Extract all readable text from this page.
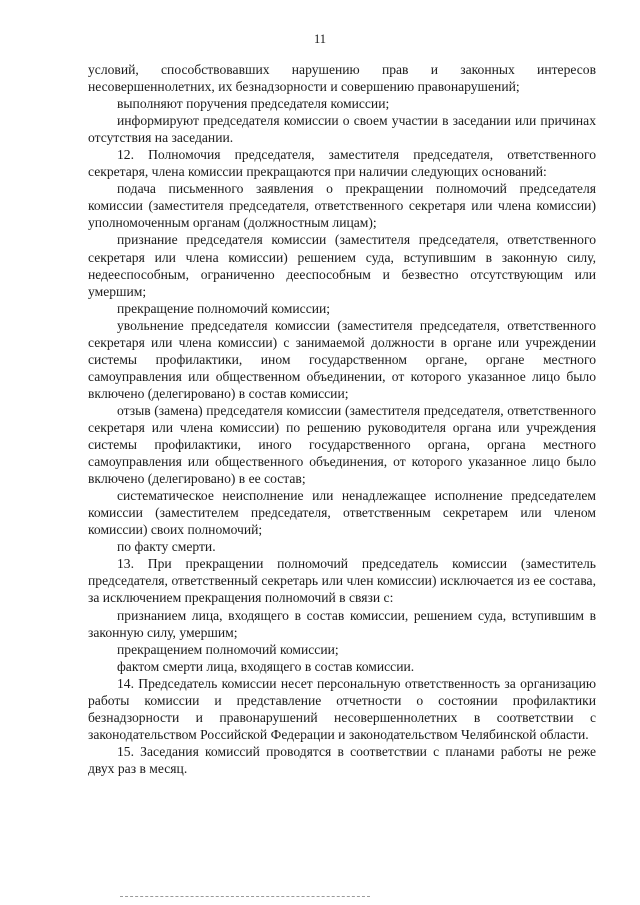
11

условий, способствовавших нарушению прав и законных интересов несовершеннолетних, их безнадзорности и совершению правонарушений;

выполняют поручения председателя комиссии;

информируют председателя комиссии о своем участии в заседании или причинах отсутствия на заседании.

12. Полномочия председателя, заместителя председателя, ответственного секретаря, члена комиссии прекращаются при наличии следующих оснований:

подача письменного заявления о прекращении полномочий председателя комиссии (заместителя председателя, ответственного секретаря или члена комиссии) уполномоченным органам (должностным лицам);

признание председателя комиссии (заместителя председателя, ответственного секретаря или члена комиссии) решением суда, вступившим в законную силу, недееспособным, ограниченно дееспособным и безвестно отсутствующим или умершим;

прекращение полномочий комиссии;

увольнение председателя комиссии (заместителя председателя, ответственного секретаря или члена комиссии) с занимаемой должности в органе или учреждении системы профилактики, ином государственном органе, органе местного самоуправления или общественном объединении, от которого указанное лицо было включено (делегировано) в состав комиссии;

отзыв (замена) председателя комиссии (заместителя председателя, ответственного секретаря или члена комиссии) по решению руководителя органа или учреждения системы профилактики, иного государственного органа, органа местного самоуправления или общественного объединения, от которого указанное лицо было включено (делегировано) в ее состав;

систематическое неисполнение или ненадлежащее исполнение председателем комиссии (заместителем председателя, ответственным секретарем или членом комиссии) своих полномочий;

по факту смерти.

13. При прекращении полномочий председатель комиссии (заместитель председателя, ответственный секретарь или член комиссии) исключается из ее состава, за исключением прекращения полномочий в связи с:

признанием лица, входящего в состав комиссии, решением суда, вступившим в законную силу, умершим;

прекращением полномочий комиссии;

фактом смерти лица, входящего в состав комиссии.

14. Председатель комиссии несет персональную ответственность за организацию работы комиссии и представление отчетности о состоянии профилактики безнадзорности и правонарушений несовершеннолетних в соответствии с законодательством Российской Федерации и законодательством Челябинской области.

15. Заседания комиссий проводятся в соответствии с планами работы не реже двух раз в месяц.
